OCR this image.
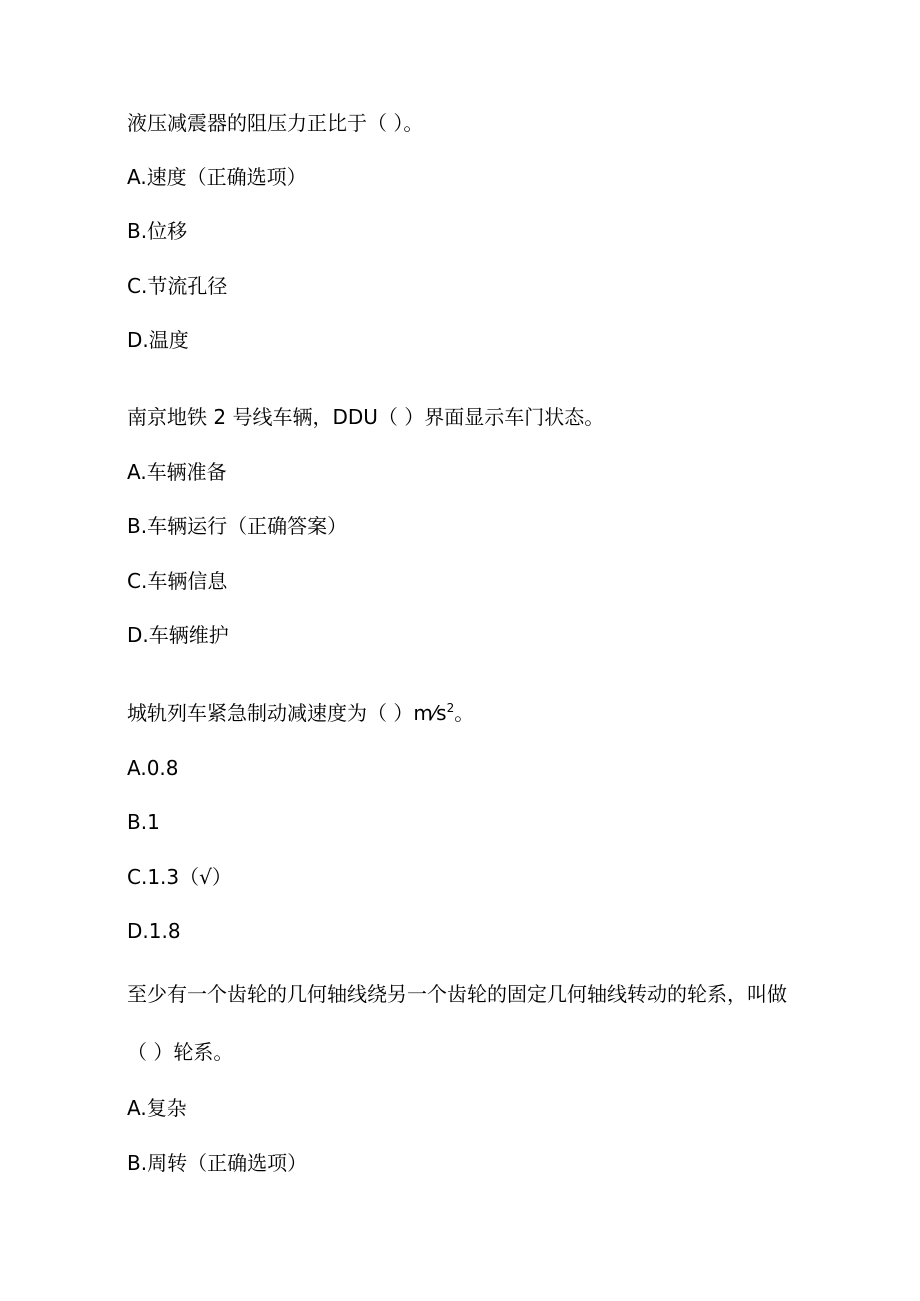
液压减震器的阻压力正比于（ ）。
A.速度（正确选项）
B.位移
C.节流孔径
D.温度
南京地铁 2 号线车辆，DDU（ ）界面显示车门状态。
A.车辆准备
B.车辆运行（正确答案）
C.车辆信息
D.车辆维护
城轨列车紧急制动减速度为（ ）$m⁄s^2$。
A.0.8
B.1
C.1.3（√）
D.1.8
至少有一个齿轮的几何轴线绕另一个齿轮的固定几何轴线转动的轮系，叫做
（ ）轮系。
A.复杂
B.周转（正确选项）
